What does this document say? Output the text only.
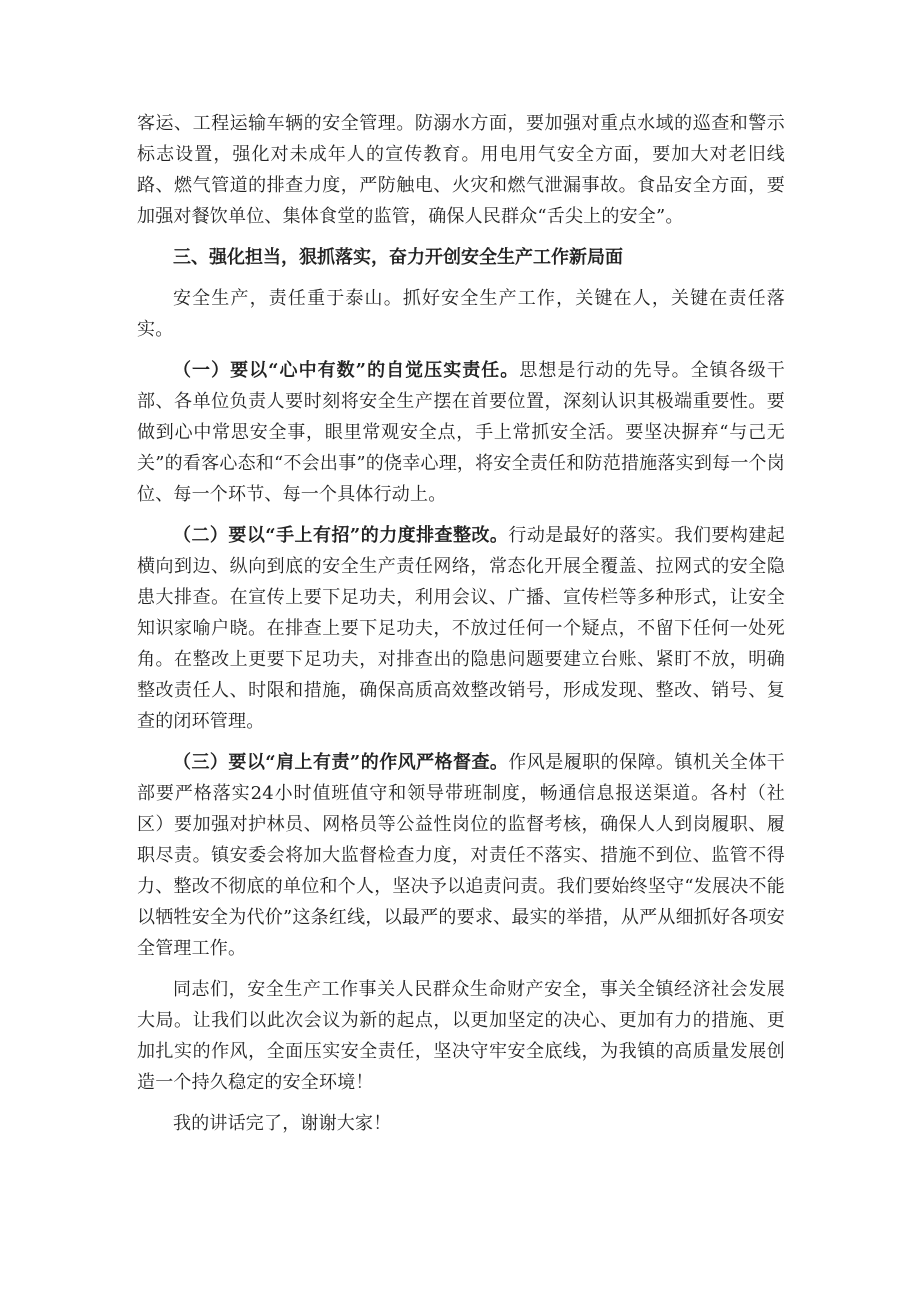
客运、工程运输车辆的安全管理。防溺水方面，要加强对重点水域的巡查和警示标志设置，强化对未成年人的宣传教育。用电用气安全方面，要加大对老旧线路、燃气管道的排查力度，严防触电、火灾和燃气泄漏事故。食品安全方面，要加强对餐饮单位、集体食堂的监管，确保人民群众“舌尖上的安全”。

三、强化担当，狠抓落实，奋力开创安全生产工作新局面

安全生产，责任重于泰山。抓好安全生产工作，关键在人，关键在责任落实。

（一）要以“心中有数”的自觉压实责任。思想是行动的先导。全镇各级干部、各单位负责人要时刻将安全生产摆在首要位置，深刻认识其极端重要性。要做到心中常思安全事，眼里常观安全点，手上常抓安全活。要坚决摒弃“与己无关”的看客心态和“不会出事”的侥幸心理，将安全责任和防范措施落实到每一个岗位、每一个环节、每一个具体行动上。

（二）要以“手上有招”的力度排查整改。行动是最好的落实。我们要构建起横向到边、纵向到底的安全生产责任网络，常态化开展全覆盖、拉网式的安全隐患大排查。在宣传上要下足功夫，利用会议、广播、宣传栏等多种形式，让安全知识家喻户晓。在排查上要下足功夫，不放过任何一个疑点，不留下任何一处死角。在整改上更要下足功夫，对排查出的隐患问题要建立台账、紧盯不放，明确整改责任人、时限和措施，确保高质高效整改销号，形成发现、整改、销号、复查的闭环管理。

（三）要以“肩上有责”的作风严格督查。作风是履职的保障。镇机关全体干部要严格落实24小时值班值守和领导带班制度，畅通信息报送渠道。各村（社区）要加强对护林员、网格员等公益性岗位的监督考核，确保人人到岗履职、履职尽责。镇安委会将加大监督检查力度，对责任不落实、措施不到位、监管不得力、整改不彻底的单位和个人，坚决予以追责问责。我们要始终坚守“发展决不能以牺牲安全为代价”这条红线，以最严的要求、最实的举措，从严从细抓好各项安全管理工作。

同志们，安全生产工作事关人民群众生命财产安全，事关全镇经济社会发展大局。让我们以此次会议为新的起点，以更加坚定的决心、更加有力的措施、更加扎实的作风，全面压实安全责任，坚决守牢安全底线，为我镇的高质量发展创造一个持久稳定的安全环境！

我的讲话完了，谢谢大家！
